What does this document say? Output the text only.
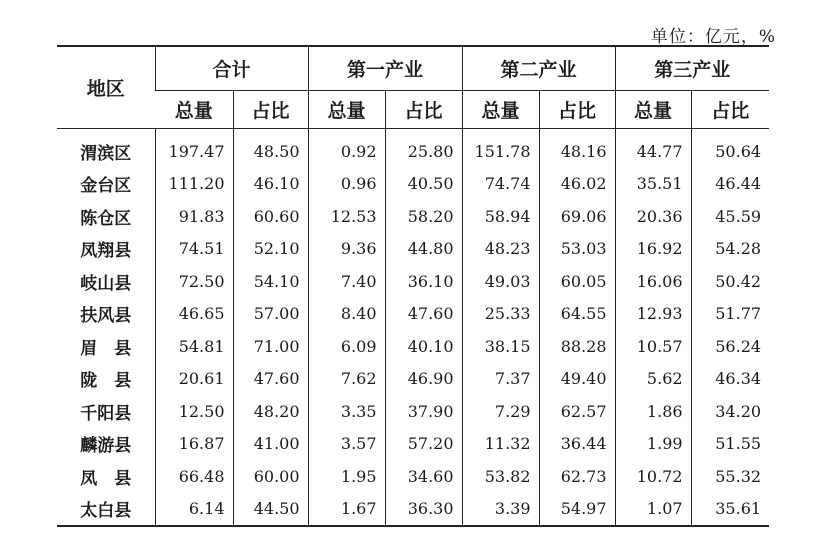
单位：亿元，%
地区	合计		第一产业		第二产业		第三产业	
	总量	占比	总量	占比	总量	占比	总量	占比
渭滨区	197.47	48.50	0.92	25.80	151.78	48.16	44.77	50.64
金台区	111.20	46.10	0.96	40.50	74.74	46.02	35.51	46.44
陈仓区	91.83	60.60	12.53	58.20	58.94	69.06	20.36	45.59
凤翔县	74.51	52.10	9.36	44.80	48.23	53.03	16.92	54.28
岐山县	72.50	54.10	7.40	36.10	49.03	60.05	16.06	50.42
扶风县	46.65	57.00	8.40	47.60	25.33	64.55	12.93	51.77
眉　县	54.81	71.00	6.09	40.10	38.15	88.28	10.57	56.24
陇　县	20.61	47.60	7.62	46.90	7.37	49.40	5.62	46.34
千阳县	12.50	48.20	3.35	37.90	7.29	62.57	1.86	34.20
麟游县	16.87	41.00	3.57	57.20	11.32	36.44	1.99	51.55
凤　县	66.48	60.00	1.95	34.60	53.82	62.73	10.72	55.32
太白县	6.14	44.50	1.67	36.30	3.39	54.97	1.07	35.61
